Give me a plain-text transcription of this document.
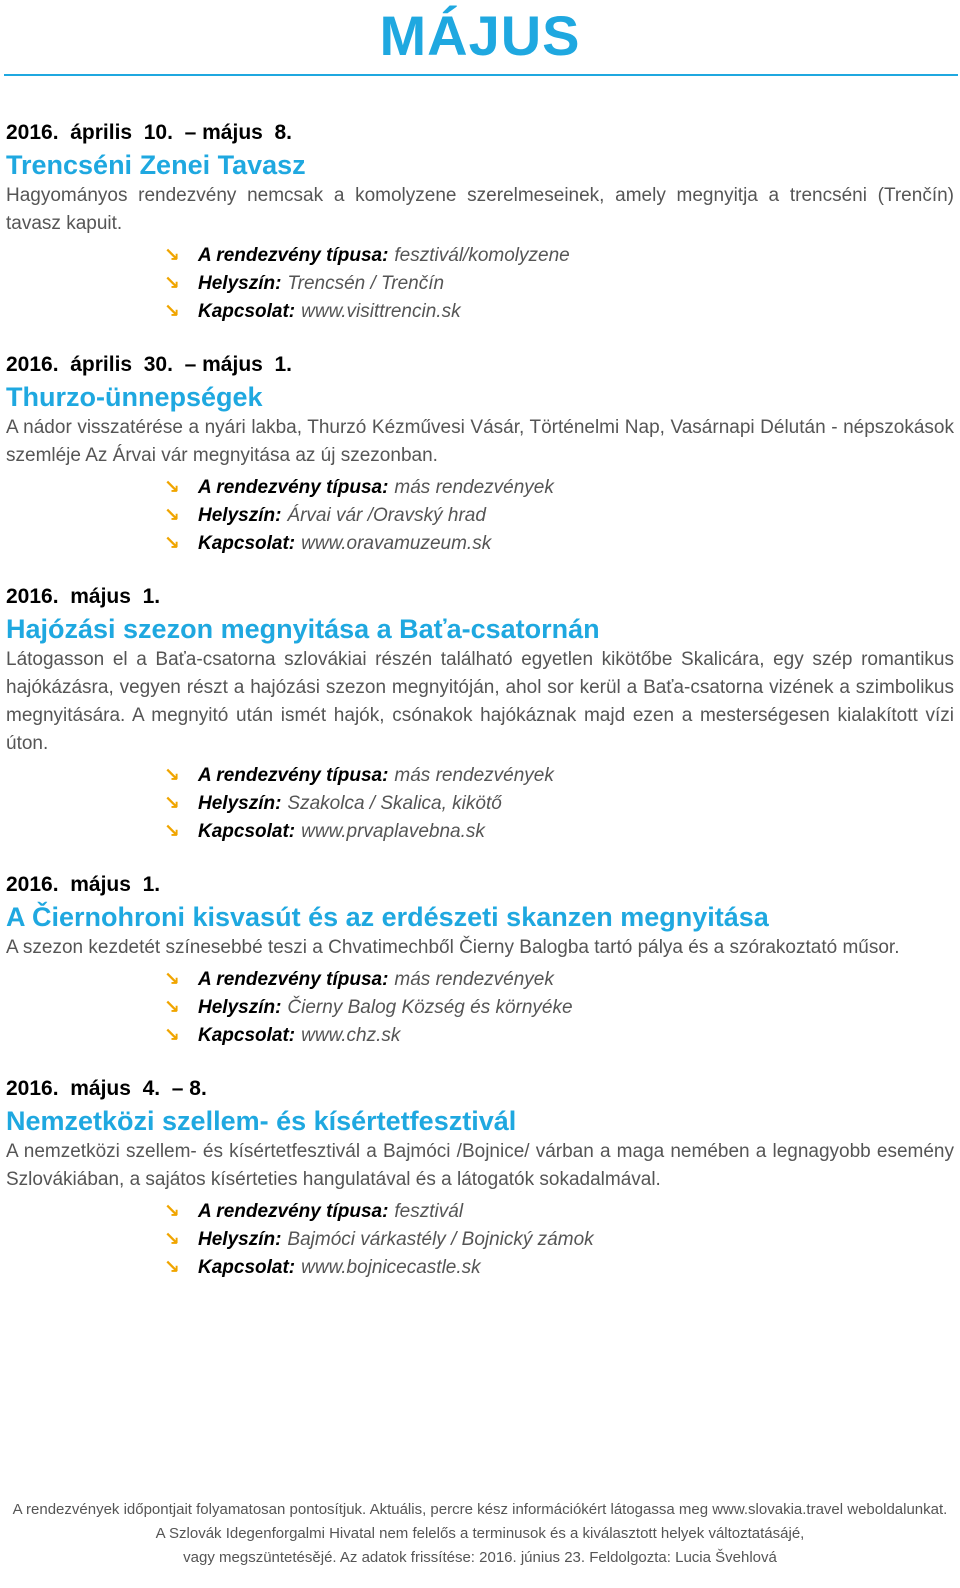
MÁJUS
2016.  április  10.  – május  8.
Trencséni Zenei Tavasz

Hagyományos rendezvény nemcsak a komolyzene szerelmeseinek, amely megnyitja a trencséni (Trenčín) tavasz kapuit.

↘ A rendezvény típusa: fesztivál/komolyzene
↘ Helyszín: Trencsén / Trenčín
↘ Kapcsolat: www.visittrencin.sk
2016.  április  30.  – május  1.
Thurzo-ünnepségek

A nádor visszatérése a nyári lakba, Thurzó Kézművesi Vásár, Történelmi Nap, Vasárnapi Délután - népszokások szemléje Az Árvai vár megnyitása az új szezonban.

↘ A rendezvény típusa: más rendezvények
↘ Helyszín: Árvai vár /Oravský hrad
↘ Kapcsolat: www.oravamuzeum.sk
2016.  május  1.
Hajózási szezon megnyitása a Baťa-csatornán

Látogasson el a Baťa-csatorna szlovákiai részén található egyetlen kikötőbe Skalicára, egy szép romantikus hajókázásra, vegyen részt a hajózási szezon megnyitóján, ahol sor kerül a Baťa-csatorna vizének a szimbolikus megnyitására. A megnyitó után ismét hajók, csónakok hajókáznak majd ezen a mesterségesen kialakított vízi úton.

↘ A rendezvény típusa: más rendezvények
↘ Helyszín: Szakolca / Skalica, kikötő
↘ Kapcsolat: www.prvaplavebna.sk
2016.  május  1.
A Čiernohroni kisvasút és az erdészeti skanzen megnyitása

A szezon kezdetét színesebbé teszi a Chvatimechből Čierny Balogba tartó pálya és a szórakoztató műsor.

↘ A rendezvény típusa: más rendezvények
↘ Helyszín: Čierny Balog Község és környéke
↘ Kapcsolat: www.chz.sk
2016.  május  4.  – 8.
Nemzetközi szellem- és kísértetfesztivál

A nemzetközi szellem- és kísértetfesztivál a Bajmóci /Bojnice/ várban a maga nemében a legnagyobb esemény Szlovákiában, a sajátos kísérteties hangulatával és a látogatók sokadalmával.

↘ A rendezvény típusa: fesztivál
↘ Helyszín: Bajmóci várkastély / Bojnický zámok
↘ Kapcsolat: www.bojnicecastle.sk
A rendezvények időpontjait folyamatosan pontosítjuk. Aktuális, percre kész információkért látogassa meg www.slovakia.travel weboldalunkat.
A Szlovák Idegenforgalmi Hivatal nem felelős a terminusok és a kiválasztott helyek változtatásájé,
vagy megszüntetésějé. Az adatok frissítése: 2016. június 23. Feldolgozta: Lucia Švehlová
